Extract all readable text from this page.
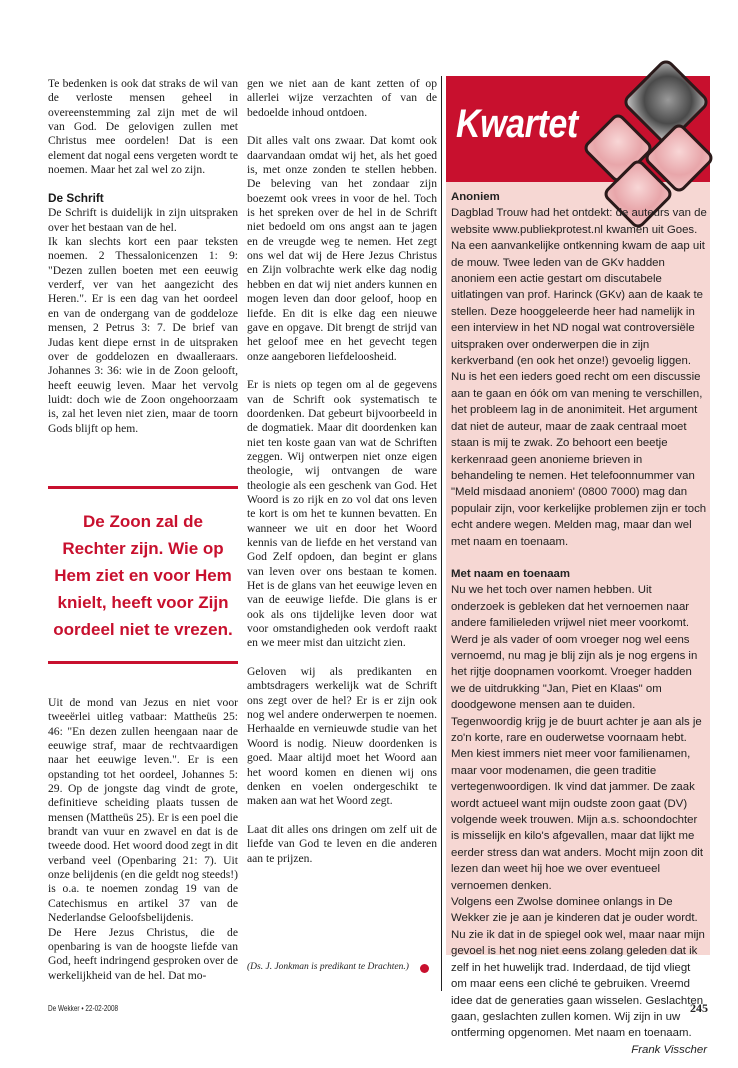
Te bedenken is ook dat straks de wil van de verloste mensen geheel in overeenstemming zal zijn met de wil van God. De gelovigen zullen met Christus mee oordelen! Dat is een element dat nogal eens vergeten wordt te noemen. Maar het zal wel zo zijn.

De Schrift

De Schrift is duidelijk in zijn uitspraken over het bestaan van de hel.

Ik kan slechts kort een paar teksten noemen. 2 Thessalonicenzen 1: 9: "Dezen zullen boeten met een eeuwig verderf, ver van het aangezicht des Heren.". Er is een dag van het oordeel en van de ondergang van de goddeloze mensen, 2 Petrus 3: 7. De brief van Judas kent diepe ernst in de uitspraken over de goddelozen en dwaalleraars. Johannes 3: 36: wie in de Zoon gelooft, heeft eeuwig leven. Maar het vervolg luidt: doch wie de Zoon ongehoorzaam is, zal het leven niet zien, maar de toorn Gods blijft op hem.

De Zoon zal de Rechter zijn. Wie op Hem ziet en voor Hem knielt, heeft voor Zijn oordeel niet te vrezen.

Uit de mond van Jezus en niet voor tweeërlei uitleg vatbaar: Mattheüs 25: 46: "En dezen zullen heengaan naar de eeuwige straf, maar de rechtvaardigen naar het eeuwige leven.". Er is een opstanding tot het oordeel, Johannes 5: 29. Op de jongste dag vindt de grote, definitieve scheiding plaats tussen de mensen (Mattheüs 25). Er is een poel die brandt van vuur en zwavel en dat is de tweede dood. Het woord dood zegt in dit verband veel (Openbaring 21: 7). Uit onze belijdenis (en die geldt nog steeds!) is o.a. te noemen zondag 19 van de Catechismus en artikel 37 van de Nederlandse Geloofsbelijdenis.

De Here Jezus Christus, die de openbaring is van de hoogste liefde van God, heeft indringend gesproken over de werkelijkheid van de hel. Dat mo-

gen we niet aan de kant zetten of op allerlei wijze verzachten of van de bedoelde inhoud ontdoen.

Dit alles valt ons zwaar. Dat komt ook daarvandaan omdat wij het, als het goed is, met onze zonden te stellen hebben. De beleving van het zondaar zijn boezemt ook vrees in voor de hel. Toch is het spreken over de hel in de Schrift niet bedoeld om ons angst aan te jagen en de vreugde weg te nemen. Het zegt ons wel dat wij de Here Jezus Christus en Zijn volbrachte werk elke dag nodig hebben en dat wij niet anders kunnen en mogen leven dan door geloof, hoop en liefde. En dit is elke dag een nieuwe gave en opgave. Dit brengt de strijd van het geloof mee en het gevecht tegen onze aangeboren liefdeloosheid.

Er is niets op tegen om al de gegevens van de Schrift ook systematisch te doordenken. Dat gebeurt bijvoorbeeld in de dogmatiek. Maar dit doordenken kan niet ten koste gaan van wat de Schriften zeggen. Wij ontwerpen niet onze eigen theologie, wij ontvangen de ware theologie als een geschenk van God. Het Woord is zo rijk en zo vol dat ons leven te kort is om het te kunnen bevatten. En wanneer we uit en door het Woord kennis van de liefde en het verstand van God Zelf opdoen, dan begint er glans van leven over ons bestaan te komen. Het is de glans van het eeuwige leven en van de eeuwige liefde. Die glans is er ook als ons tijdelijke leven door wat voor omstandigheden ook verdoft raakt en we meer mist dan uitzicht zien.

Geloven wij als predikanten en ambtsdragers werkelijk wat de Schrift ons zegt over de hel? Er is er zijn ook nog wel andere onderwerpen te noemen. Herhaalde en vernieuwde studie van het Woord is nodig. Nieuw doordenken is goed. Maar altijd moet het Woord aan het woord komen en dienen wij ons denken en voelen ondergeschikt te maken aan wat het Woord zegt.

Laat dit alles ons dringen om zelf uit de liefde van God te leven en die anderen aan te prijzen.

(Ds. J. Jonkman is predikant te Drachten.)
Kwartet
Anoniem

Dagblad Trouw had het ontdekt: de auteurs van de website www.publiekprotest.nl kwamen uit Goes. Na een aanvankelijke ontkenning kwam de aap uit de mouw. Twee leden van de GKv hadden anoniem een actie gestart om discutabele uitlatingen van prof. Harinck (GKv) aan de kaak te stellen. Deze hooggeleerde heer had namelijk in een interview in het ND nogal wat controversiële uitspraken over onderwerpen die in zijn kerkverband (en ook het onze!) gevoelig liggen. Nu is het een ieders goed recht om een discussie aan te gaan en óók om van mening te verschillen, het probleem lag in de anonimiteit. Het argument dat niet de auteur, maar de zaak centraal moet staan is mij te zwak. Zo behoort een beetje kerkenraad geen anonieme brieven in behandeling te nemen. Het telefoonnummer van "Meld misdaad anoniem' (0800 7000) mag dan populair zijn, voor kerkelijke problemen zijn er toch echt andere wegen. Melden mag, maar dan wel met naam en toenaam.

Met naam en toenaam

Nu we het toch over namen hebben. Uit onderzoek is gebleken dat het vernoemen naar andere familieleden vrijwel niet meer voorkomt. Werd je als vader of oom vroeger nog wel eens vernoemd, nu mag je blij zijn als je nog ergens in het rijtje doopnamen voorkomt. Vroeger hadden we de uitdrukking "Jan, Piet en Klaas" om doodgewone mensen aan te duiden. Tegenwoordig krijg je de buurt achter je aan als je zo'n korte, rare en ouderwetse voornaam hebt. Men kiest immers niet meer voor familienamen, maar voor modenamen, die geen traditie vertegenwoordigen. Ik vind dat jammer. De zaak wordt actueel want mijn oudste zoon gaat (DV) volgende week trouwen. Mijn a.s. schoondochter is misselijk en kilo's afgevallen, maar dat lijkt me eerder stress dan wat anders. Mocht mijn zoon dit lezen dan weet hij hoe we over eventueel vernoemen denken.

Volgens een Zwolse dominee onlangs in De Wekker zie je aan je kinderen dat je ouder wordt. Nu zie ik dat in de spiegel ook wel, maar naar mijn gevoel is het nog niet eens zolang geleden dat ik zelf in het huwelijk trad. Inderdaad, de tijd vliegt om maar eens een cliché te gebruiken. Vreemd idee dat de generaties gaan wisselen. Geslachten gaan, geslachten zullen komen. Wij zijn in uw ontferming opgenomen. Met naam en toenaam.

Frank Visscher

De Wekker • 22-02-2008	245
